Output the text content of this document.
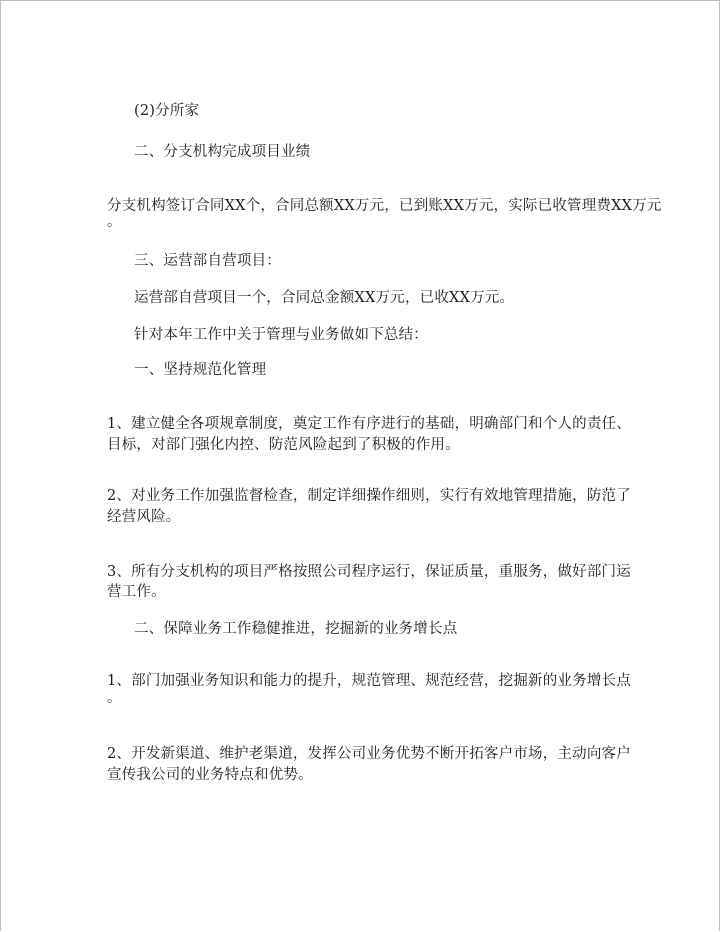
(2)分所家
二、分支机构完成项目业绩
分支机构签订合同XX个，合同总额XX万元，已到账XX万元，实际已收管理费XX万元
。
三、运营部自营项目：
运营部自营项目一个，合同总金额XX万元，已收XX万元。
针对本年工作中关于管理与业务做如下总结：
一、坚持规范化管理
1、建立健全各项规章制度，奠定工作有序进行的基础，明确部门和个人的责任、
目标，对部门强化内控、防范风险起到了积极的作用。
2、对业务工作加强监督检查，制定详细操作细则，实行有效地管理措施，防范了
经营风险。
3、所有分支机构的项目严格按照公司程序运行，保证质量，重服务，做好部门运
营工作。
二、保障业务工作稳健推进，挖掘新的业务增长点
1、部门加强业务知识和能力的提升，规范管理、规范经营，挖掘新的业务增长点
。
2、开发新渠道、维护老渠道，发挥公司业务优势不断开拓客户市场，主动向客户
宣传我公司的业务特点和优势。
